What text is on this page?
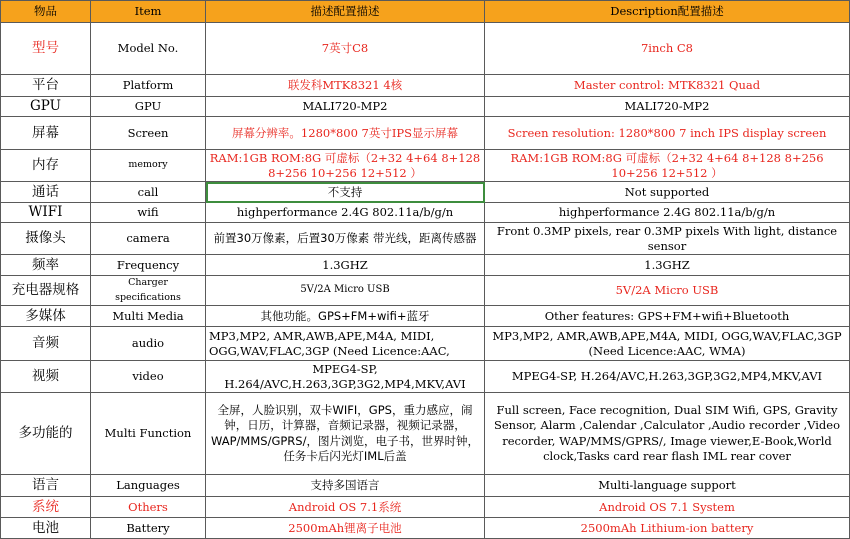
物品	Item	描述配置描述	Description配置描述
型号	Model No.	7英寸C8	7inch C8
平台	Platform	联发科MTK8321 4核	Master control: MTK8321 Quad
GPU	GPU	MALI720-MP2	MALI720-MP2
屏幕	Screen	屏幕分辨率。1280*800 7英寸IPS显示屏幕	Screen resolution: 1280*800 7 inch IPS display screen
内存	memory	RAM:1GB ROM:8G 可虚标（2+32 4+64 8+128 8+256 10+256 12+512 ）	RAM:1GB ROM:8G 可虚标（2+32 4+64 8+128 8+256 10+256 12+512 ）
通话	call	不支持	Not supported
WIFI	wifi	highperformance 2.4G 802.11a/b/g/n	highperformance 2.4G 802.11a/b/g/n
摄像头	camera	前置30万像素，后置30万像素 带光线，距离传感器	Front 0.3MP pixels, rear 0.3MP pixels With light, distance sensor
频率	Frequency	1.3GHZ	1.3GHZ
充电器规格	Charger specifications	5V/2A Micro USB	5V/2A Micro USB
多媒体	Multi Media	其他功能。GPS+FM+wifi+蓝牙	Other features: GPS+FM+wifi+Bluetooth
音频	audio	MP3,MP2, AMR,AWB,APE,M4A, MIDI, OGG,WAV,FLAC,3GP (Need Licence:AAC,	MP3,MP2, AMR,AWB,APE,M4A, MIDI, OGG,WAV,FLAC,3GP (Need Licence:AAC, WMA)
视频	video	MPEG4-SP, H.264/AVC,H.263,3GP,3G2,MP4,MKV,AVI	MPEG4-SP, H.264/AVC,H.263,3GP,3G2,MP4,MKV,AVI
多功能的	Multi Function	全屏，人脸识别，双卡WIFI，GPS，重力感应，闹钟，日历，计算器，音频记录器，视频记录器，WAP/MMS/GPRS/，图片浏览，电子书，世界时钟，任务卡后闪光灯IML后盖	Full screen, Face recognition, Dual SIM Wifi, GPS, Gravity Sensor, Alarm ,Calendar ,Calculator ,Audio recorder ,Video recorder, WAP/MMS/GPRS/, Image viewer,E-Book,World clock,Tasks card rear flash IML rear cover
语言	Languages	支持多国语言	Multi-language support
系统	Others	Android OS 7.1系统	Android OS 7.1 System
电池	Battery	2500mAh锂离子电池	2500mAh Lithium-ion battery
